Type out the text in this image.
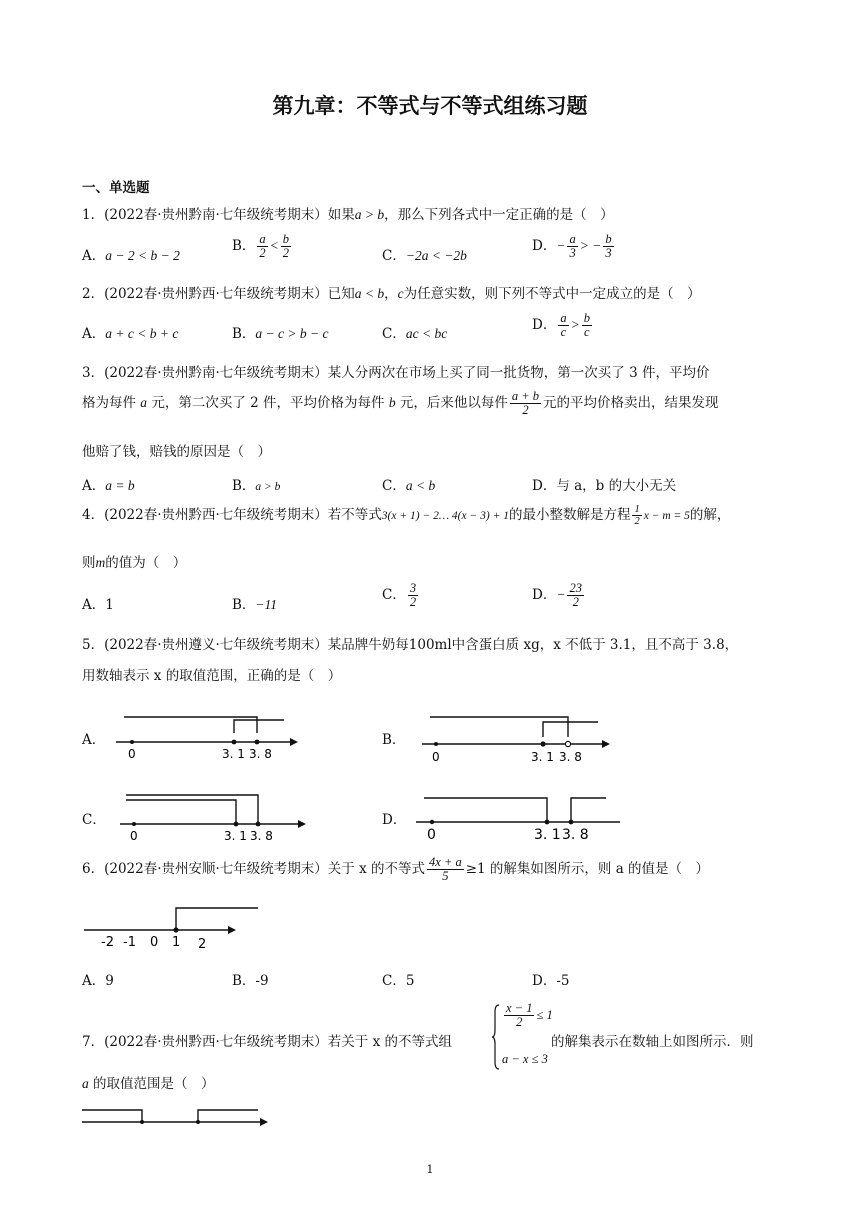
第九章：不等式与不等式组练习题
一、单选题
1．(2022春·贵州黔南·七年级统考期末）如果a > b，那么下列各式中一定正确的是（　）
A．a − 2 < b − 2
B． $\frac{a}{2} < \frac{b}{2}$	C．−2a < −2b
D．− $\frac{a}{3}$ > − $\frac{b}{3}$
2．(2022春·贵州黔西·七年级统考期末）已知a < b，c为任意实数，则下列不等式中一定成立的是（　）
A．a + c < b + c	B．a − c > b − c	C．ac < bc
D． $\frac{a}{c} > \frac{b}{c}$
3．(2022春·贵州黔南·七年级统考期末）某人分两次在市场上买了同一批货物，第一次买了 3 件，平均价
格为每件 a 元，第二次买了 2 件，平均价格为每件 b 元，后来他以每件 $\frac{a + b}{2}$ 元的平均价格卖出，结果发现
他赔了钱，赔钱的原因是（　）
A．a = b	B．a > b	C．a < b	D．与 a，b 的大小无关
4．(2022春·贵州黔西·七年级统考期末）若不等式3(x + 1) − 2… 4(x − 3) + 1的最小整数解是方程 $\frac{1}{2}$ x − m = 5的解，
则m的值为（　）
A．1	B．−11
C． $\frac{3}{2}$	D．− $\frac{23}{2}$
5．(2022春·贵州遵义·七年级统考期末）某品牌牛奶每100ml中含蛋白质 xg，x 不低于 3.1，且不高于 3.8，
用数轴表示 x 的取值范围，正确的是（　）
A．
0	3. 1 3. 8
B．
0	3. 1 3. 8
C．
0	3. 1 3. 8
D．
0	3. 1 3. 8
6．(2022春·贵州安顺·七年级统考期末）关于 x 的不等式 $\frac{4x + a}{5} \ge 1$ 的解集如图所示，则 a 的值是（　）
-2 -1 0 1 2
A．9	B．-9	C．5	D．-5
7．(2022春·贵州黔西·七年级统考期末）若关于 x 的不等式组
$\frac{x - 1}{2} \le 1$
a − x ≤ 3
的解集表示在数轴上如图所示．则
a 的取值范围是（　）
1
